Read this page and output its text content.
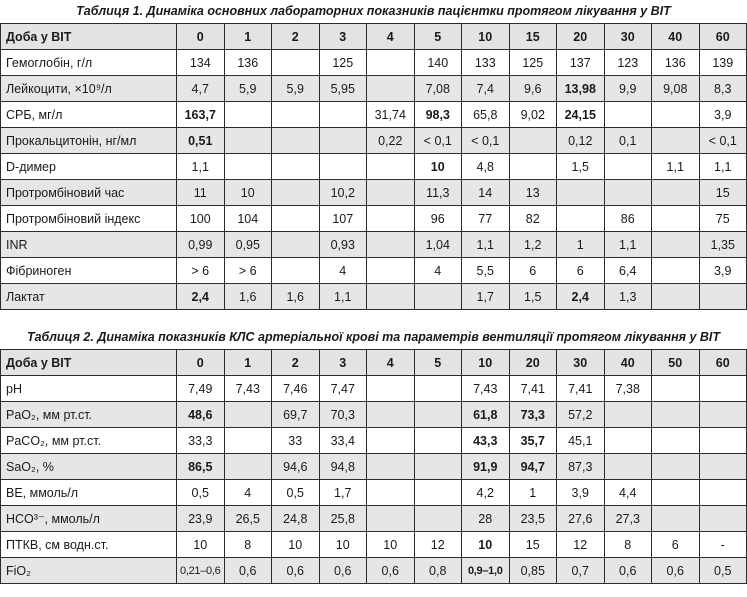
Таблиця 1. Динаміка основних лабораторних показників пацієнтки протягом лікування у ВІТ
Доба у ВІТ	0	1	2	3	4	5	10	15	20	30	40	60
Гемоглобін, г/л	134	136		125		140	133	125	137	123	136	139
Лейкоцити, ×10⁹/л	4,7	5,9	5,9	5,95		7,08	7,4	9,6	13,98	9,9	9,08	8,3
СРБ, мг/л	163,7				31,74	98,3	65,8	9,02	24,15			3,9
Прокальцитонін, нг/мл	0,51				0,22	< 0,1	< 0,1		0,12	0,1		< 0,1
D-димер	1,1					10	4,8		1,5		1,1	1,1
Протромбіновий час	11	10		10,2		11,3	14	13				15
Протромбіновий індекс	100	104		107		96	77	82		86		75
INR	0,99	0,95		0,93		1,04	1,1	1,2	1	1,1		1,35
Фібриноген	> 6	> 6		4		4	5,5	6	6	6,4		3,9
Лактат	2,4	1,6	1,6	1,1			1,7	1,5	2,4	1,3		
Таблиця 2. Динаміка показників КЛС артеріальної крові та параметрів вентиляції протягом лікування у ВІТ
Доба у ВІТ	0	1	2	3	4	5	10	20	30	40	50	60
pH	7,49	7,43	7,46	7,47			7,43	7,41	7,41	7,38		
PaO₂, мм рт.ст.	48,6		69,7	70,3			61,8	73,3	57,2			
PaCO₂, мм рт.ст.	33,3		33	33,4			43,3	35,7	45,1			
SaO₂, %	86,5		94,6	94,8			91,9	94,7	87,3			
BE, ммоль/л	0,5	4	0,5	1,7			4,2	1	3,9	4,4		
HCO³⁻, ммоль/л	23,9	26,5	24,8	25,8			28	23,5	27,6	27,3		
ПТКВ, см водн.ст.	10	8	10	10	10	12	10	15	12	8	6	-
FiO₂	0,21–0,6	0,6	0,6	0,6	0,6	0,8	0,9–1,0	0,85	0,7	0,6	0,6	0,5
